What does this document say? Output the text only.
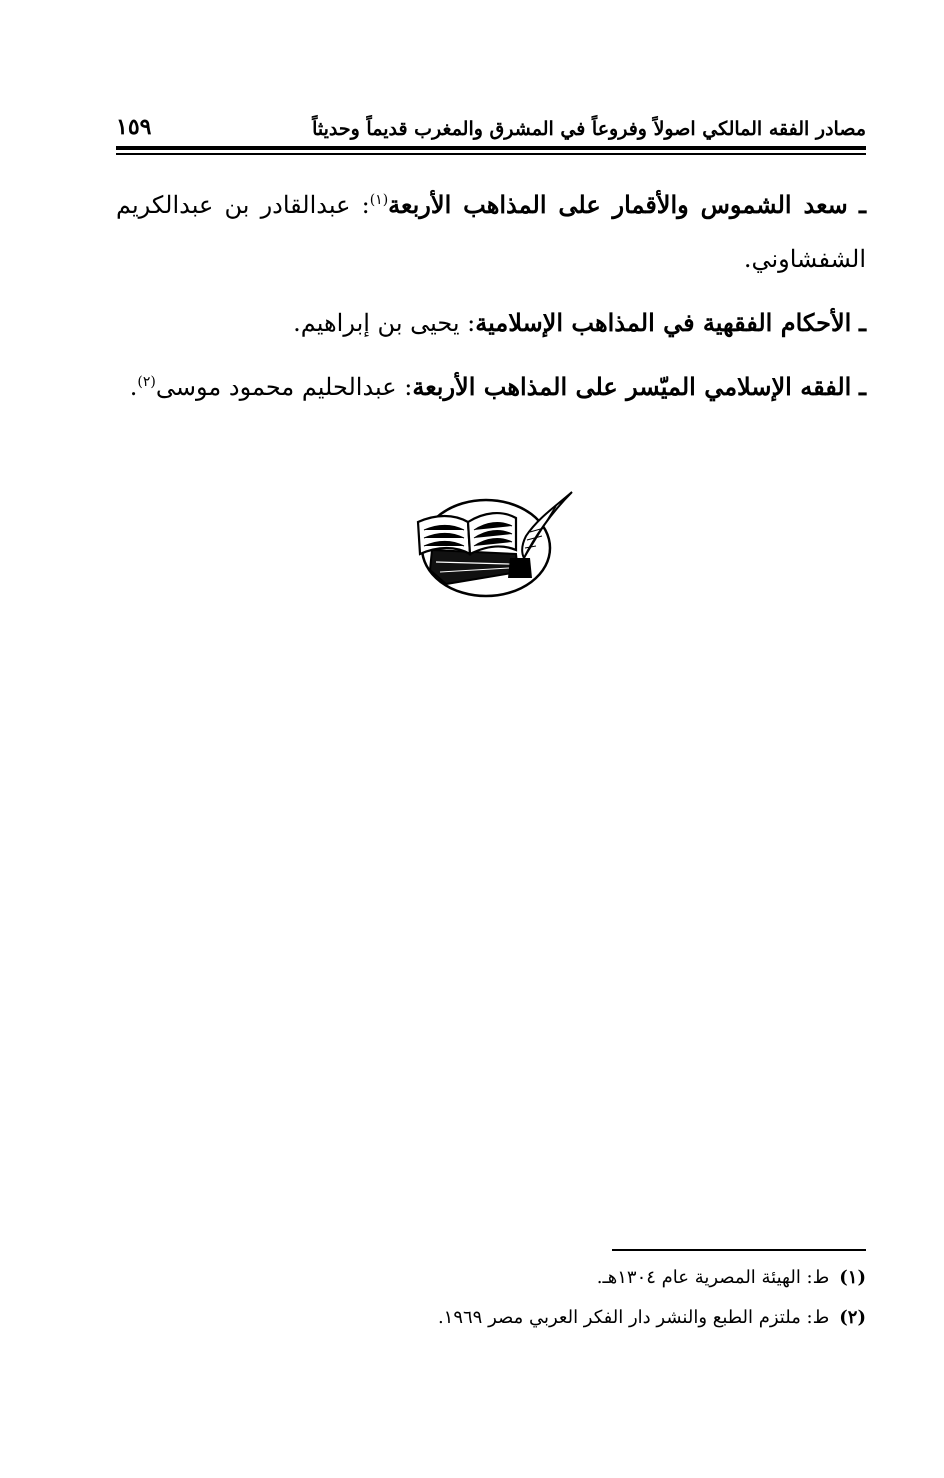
مصادر الفقه المالكي اصولاً وفروعاً في المشرق والمغرب قديماً وحديثاً
١٥٩

ـ سعد الشموس والأقمار على المذاهب الأربعة$^{(١)}$: عبدالقادر بن عبدالكريم الشفشاوني.

ـ الأحكام الفقهية في المذاهب الإسلامية: يحيى بن إبراهيم.

ـ الفقه الإسلامي الميّسر على المذاهب الأربعة: عبدالحليم محمود موسى$^{(٢)}$.

(١)
ط: الهيئة المصرية عام ١٣٠٤هـ.
(٢)
ط: ملتزم الطبع والنشر دار الفكر العربي مصر ١٩٦٩.
